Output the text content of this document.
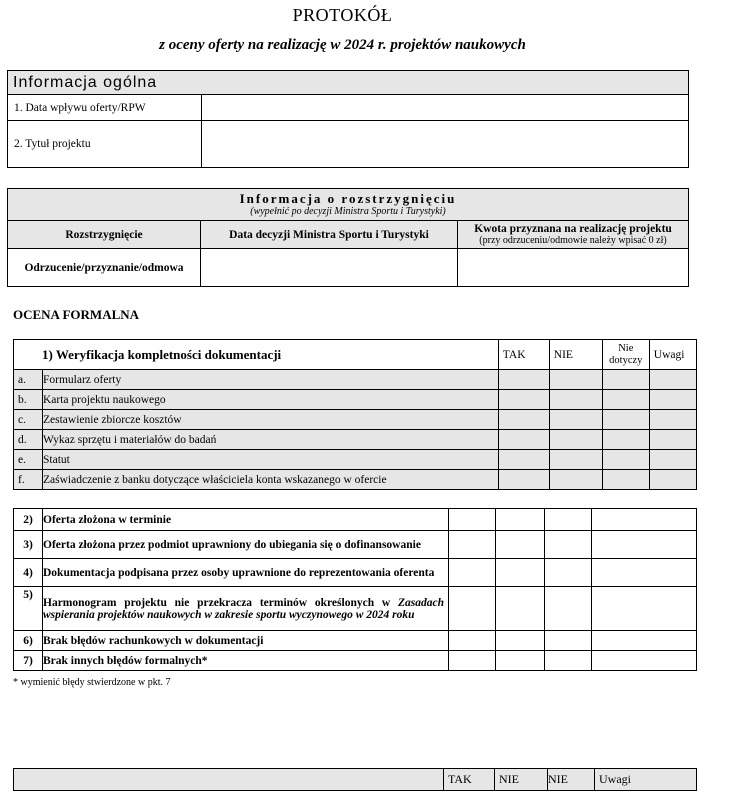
PROTOKÓŁ
z oceny oferty na realizację w 2024 r. projektów naukowych
Informacja ogólna	
1. Data wpływu oferty/RPW	
2. Tytuł projektu	
Informacja o rozstrzygnięciu
(wypełnić po decyzji Ministra Sportu i Turystyki)		

Rozstrzygnięcie	Data decyzji Ministra Sportu i Turystyki	Kwota przyznana na realizację projektu
(przy odrzuceniu/odmowie należy wpisać 0 zł)

Odrzucenie/przyznanie/odmowa		
OCENA FORMALNA
1) Weryfikacja kompletności dokumentacji		TAK	NIE	Nie dotyczy	Uwagi
a.	Formularz oferty				
b.	Karta projektu naukowego				
c.	Zestawienie zbiorcze kosztów				
d.	Wykaz sprzętu i materiałów do badań				
e.	Statut				
f.	Zaświadczenie z banku dotyczące właściciela konta wskazanego w ofercie				
2)	Oferta złożona w terminie				
3)	Oferta złożona przez podmiot uprawniony do ubiegania się o dofinansowanie				
4)	Dokumentacja podpisana przez osoby uprawnione do reprezentowania oferenta				
5)	Harmonogram projektu nie przekracza terminów określonych w Zasadach wspierania projektów naukowych w zakresie sportu wyczynowego w 2024 roku				
6)	Brak błędów rachunkowych w dokumentacji				
7)	Brak innych błędów formalnych*				
* wymienić błędy stwierdzone w pkt. 7
	TAK	NIE	NIE	Uwagi
